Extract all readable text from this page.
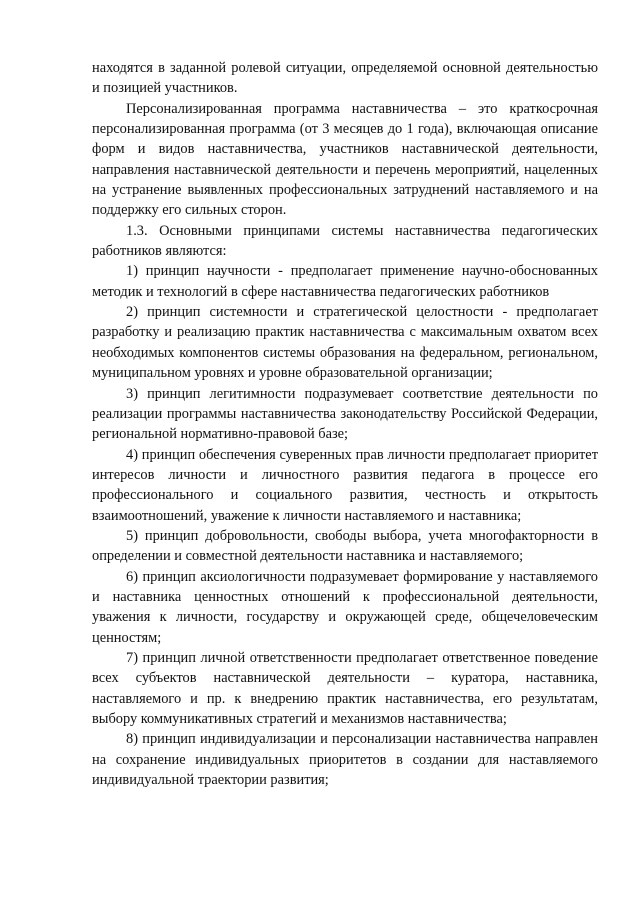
находятся в заданной ролевой ситуации, определяемой основной деятельностью и позицией участников.

Персонализированная программа наставничества – это краткосрочная персонализированная программа (от 3 месяцев до 1 года), включающая описание форм и видов наставничества, участников наставнической деятельности, направления наставнической деятельности и перечень мероприятий, нацеленных на устранение выявленных профессиональных затруднений наставляемого и на поддержку его сильных сторон.

1.3. Основными принципами системы наставничества педагогических работников являются:

1) принцип научности - предполагает применение научно-обоснованных методик и технологий в сфере наставничества педагогических работников

2) принцип системности и стратегической целостности - предполагает разработку и реализацию практик наставничества с максимальным охватом всех необходимых компонентов системы образования на федеральном, региональном, муниципальном уровнях и уровне образовательной организации;

3) принцип легитимности подразумевает соответствие деятельности по реализации программы наставничества законодательству Российской Федерации, региональной нормативно-правовой базе;

4) принцип обеспечения суверенных прав личности предполагает приоритет интересов личности и личностного развития педагога в процессе его профессионального и социального развития, честность и открытость взаимоотношений, уважение к личности наставляемого и наставника;

5) принцип добровольности, свободы выбора, учета многофакторности в определении и совместной деятельности наставника и наставляемого;

6) принцип аксиологичности подразумевает формирование у наставляемого и наставника ценностных отношений к профессиональной деятельности, уважения к личности, государству и окружающей среде, общечеловеческим ценностям;

7) принцип личной ответственности предполагает ответственное поведение всех субъектов наставнической деятельности – куратора, наставника, наставляемого и пр. к внедрению практик наставничества, его результатам, выбору коммуникативных стратегий и механизмов наставничества;

8) принцип индивидуализации и персонализации наставничества направлен на сохранение индивидуальных приоритетов в создании для наставляемого индивидуальной траектории развития;
